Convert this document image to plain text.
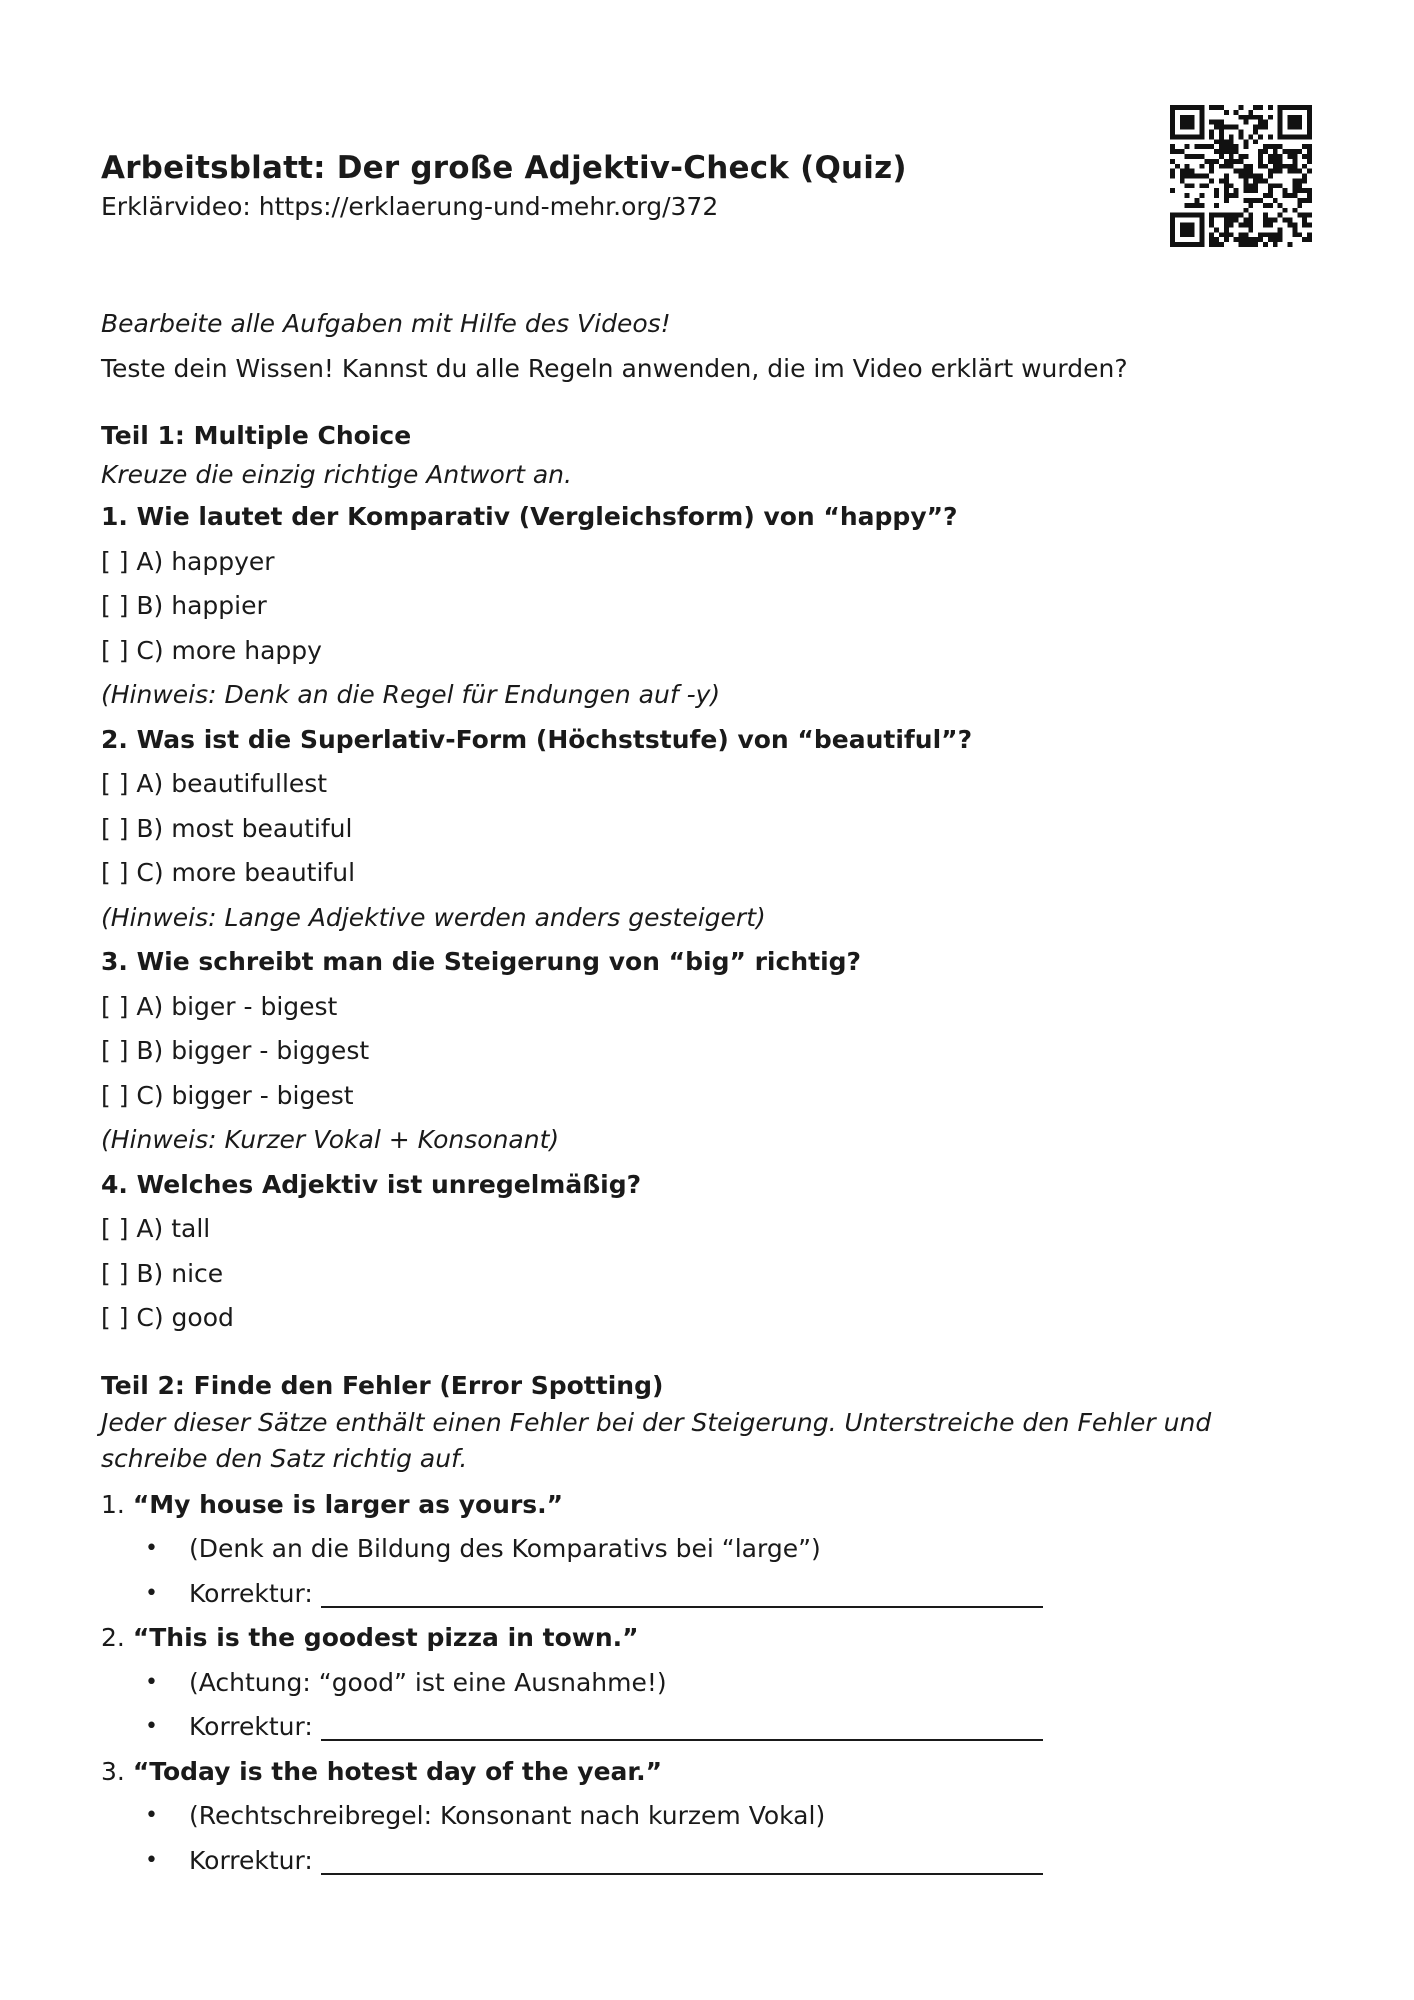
Arbeitsblatt: Der große Adjektiv-Check (Quiz)
Erklärvideo: https://erklaerung-und-mehr.org/372
Bearbeite alle Aufgaben mit Hilfe des Videos!
Teste dein Wissen! Kannst du alle Regeln anwenden, die im Video erklärt wurden?
Teil 1: Multiple Choice
Kreuze die einzig richtige Antwort an.
1. Wie lautet der Komparativ (Vergleichsform) von “happy”?
[ ] A) happyer
[ ] B) happier
[ ] C) more happy
(Hinweis: Denk an die Regel für Endungen auf -y)
2. Was ist die Superlativ-Form (Höchststufe) von “beautiful”?
[ ] A) beautifullest
[ ] B) most beautiful
[ ] C) more beautiful
(Hinweis: Lange Adjektive werden anders gesteigert)
3. Wie schreibt man die Steigerung von “big” richtig?
[ ] A) biger - bigest
[ ] B) bigger - biggest
[ ] C) bigger - bigest
(Hinweis: Kurzer Vokal + Konsonant)
4. Welches Adjektiv ist unregelmäßig?
[ ] A) tall
[ ] B) nice
[ ] C) good
Teil 2: Finde den Fehler (Error Spotting)
Jeder dieser Sätze enthält einen Fehler bei der Steigerung. Unterstreiche den Fehler und schreibe den Satz richtig auf.
1. “My house is larger as yours.”
• (Denk an die Bildung des Komparativs bei “large”)
• Korrektur:
2. “This is the goodest pizza in town.”
• (Achtung: “good” ist eine Ausnahme!)
• Korrektur:
3. “Today is the hotest day of the year.”
• (Rechtschreibregel: Konsonant nach kurzem Vokal)
• Korrektur:
